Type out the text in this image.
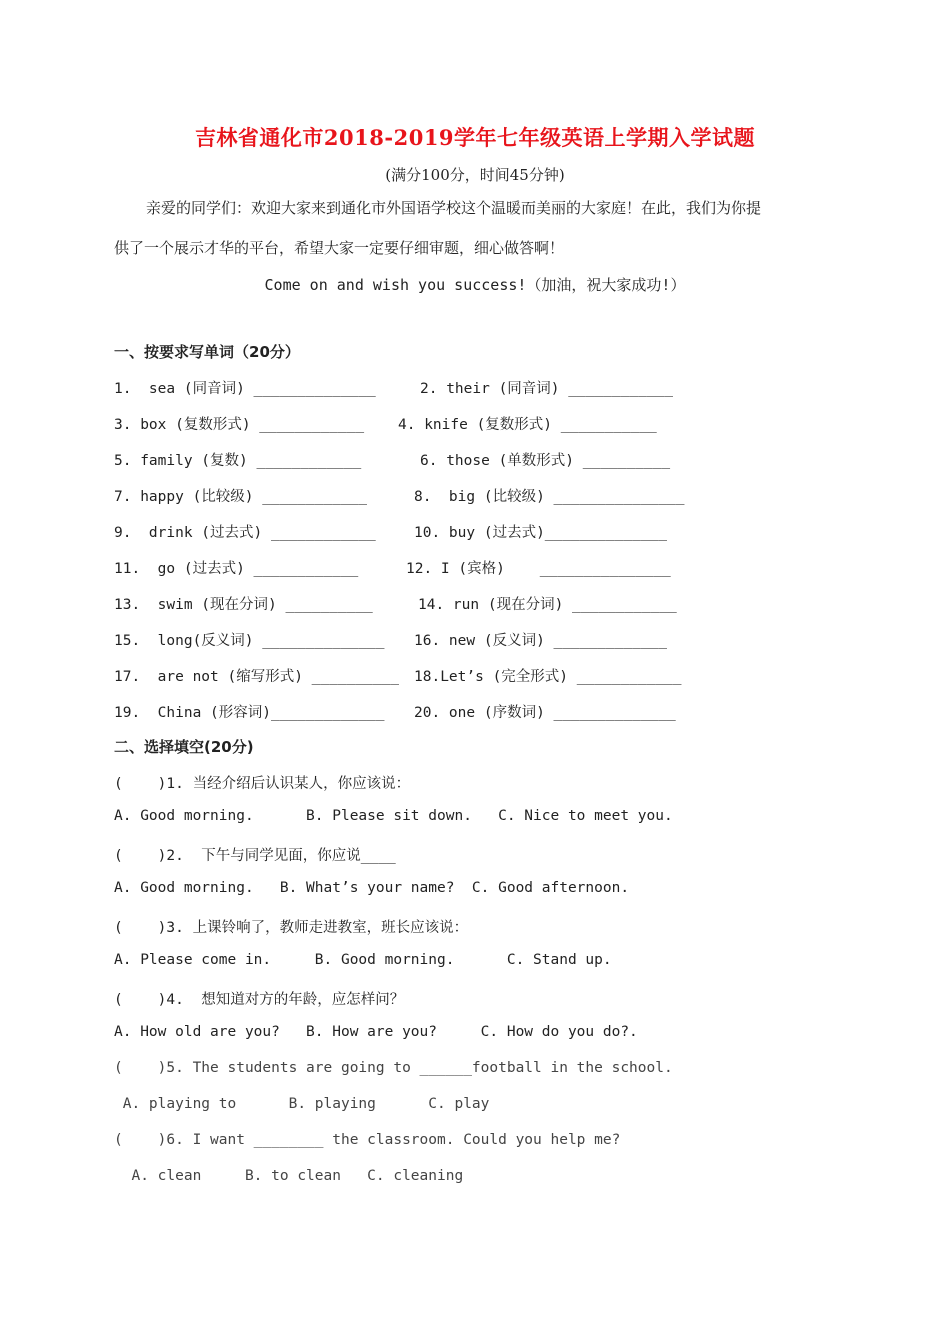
吉林省通化市2018-2019学年七年级英语上学期入学试题
(满分100分，时间45分钟)
亲爱的同学们：欢迎大家来到通化市外国语学校这个温暖而美丽的大家庭！在此，我们为你提
供了一个展示才华的平台，希望大家一定要仔细审题，细心做答啊！
Come on and wish you success!（加油，祝大家成功!）
一、按要求写单词（20分）
1.  sea (同音词) ______________	2. their (同音词) ____________
3. box (复数形式) ____________ 4. knife (复数形式) ___________
5. family (复数) ____________	6. those (单数形式) __________
7. happy (比较级) ____________	8.  big (比较级) _______________
9.  drink (过去式) ____________	10. buy (过去式)______________
11.  go (过去式) ____________	12. I (宾格)    _______________
13.  swim (现在分词) __________	14. run (现在分词) ____________
15.  long(反义词) ______________ 16. new (反义词) _____________
17.  are not (缩写形式) __________ 18.Let’s (完全形式) ____________
19.  China (形容词)_____________ 20. one (序数词) ______________
二、选择填空(20分)
(    )1. 当经介绍后认识某人，你应该说：
A. Good morning.      B. Please sit down.   C. Nice to meet you.
(    )2.  下午与同学见面，你应说____
A. Good morning.   B. What’s your name?  C. Good afternoon.
(    )3. 上课铃响了，教师走进教室，班长应该说：
A. Please come in.     B. Good morning.      C. Stand up.
(    )4.  想知道对方的年龄，应怎样问？
A. How old are you?   B. How are you?     C. How do you do?.
(    )5. The students are going to ______football in the school.
A. playing to      B. playing      C. play
(    )6. I want ________ the classroom. Could you help me?
A. clean     B. to clean   C. cleaning
